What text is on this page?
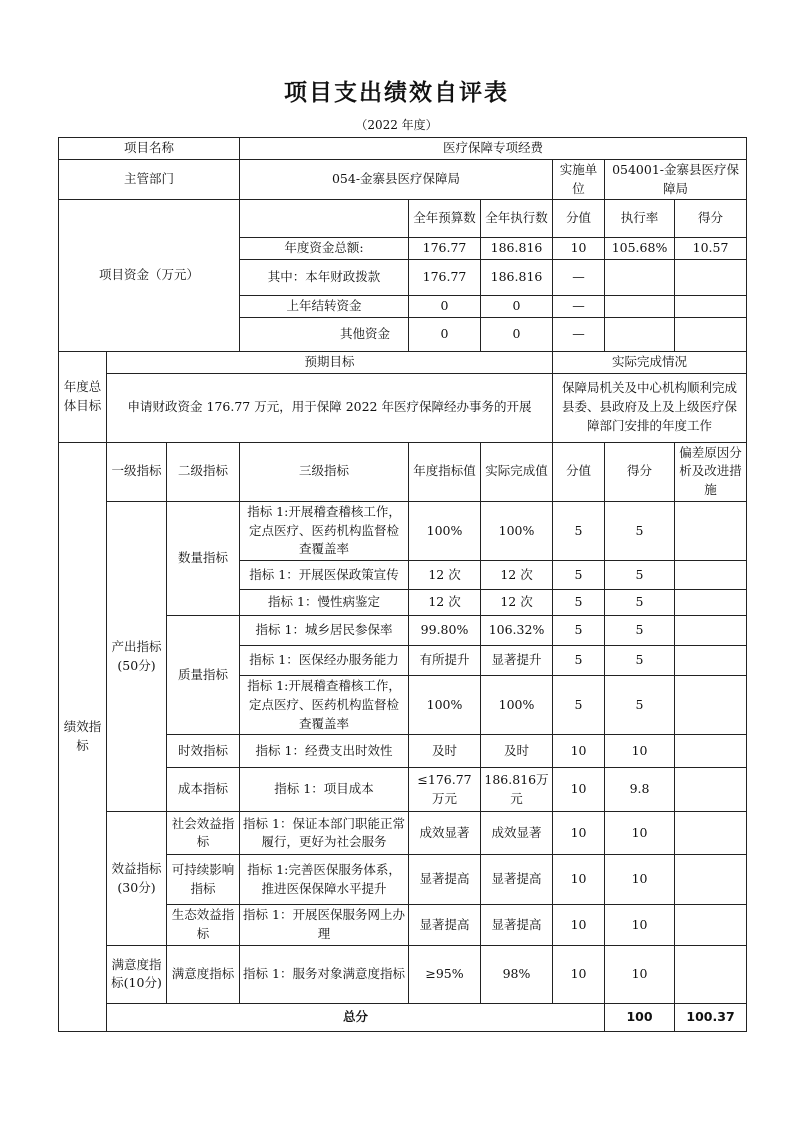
项目支出绩效自评表
（2022 年度）
项目名称			医疗保障专项经费						
主管部门			054-金寨县医疗保障局			实施单位	054001-金寨县医疗保障局		
项目资金（万元）				全年预算数	全年执行数	分值	执行率	得分	
			年度资金总额:	176.77	186.816	10	105.68%	10.57	
			其中：本年财政拨款	176.77	186.816	—			
			上年结转资金	0	0	—			
			其他资金	0	0	—			
年度总体目标	预期目标					实际完成情况			
	申请财政资金 176.77 万元，用于保障 2022 年医疗保障经办事务的开展					保障局机关及中心机构顺利完成县委、县政府及上及上级医疗保障部门安排的年度工作			
绩效指标	一级指标	二级指标	三级指标	年度指标值	实际完成值	分值	得分	偏差原因分析及改进措施	
	产出指标(50分)	数量指标	指标 1:开展稽查稽核工作，定点医疗、医药机构监督检查覆盖率	100%	100%	5	5		
			指标 1：开展医保政策宣传	12 次	12 次	5	5		
			指标 1：慢性病鉴定	12 次	12 次	5	5		
		质量指标	指标 1：城乡居民参保率	99.80%	106.32%	5	5		
			指标 1：医保经办服务能力	有所提升	显著提升	5	5		
			指标 1:开展稽查稽核工作，定点医疗、医药机构监督检查覆盖率	100%	100%	5	5		
		时效指标	指标 1：经费支出时效性	及时	及时	10	10		
		成本指标	指标 1：项目成本	≤176.77万元	186.816万元	10	9.8		
	效益指标(30分)	社会效益指标	指标 1：保证本部门职能正常履行，更好为社会服务	成效显著	成效显著	10	10		
		可持续影响指标	指标 1:完善医保服务体系，推进医保保障水平提升	显著提高	显著提高	10	10		
		生态效益指标	指标 1：开展医保服务网上办理	显著提高	显著提高	10	10		
	满意度指标(10分)	满意度指标	指标 1：服务对象满意度指标	≥95%	98%	10	10		
	总分						100	100.37	
